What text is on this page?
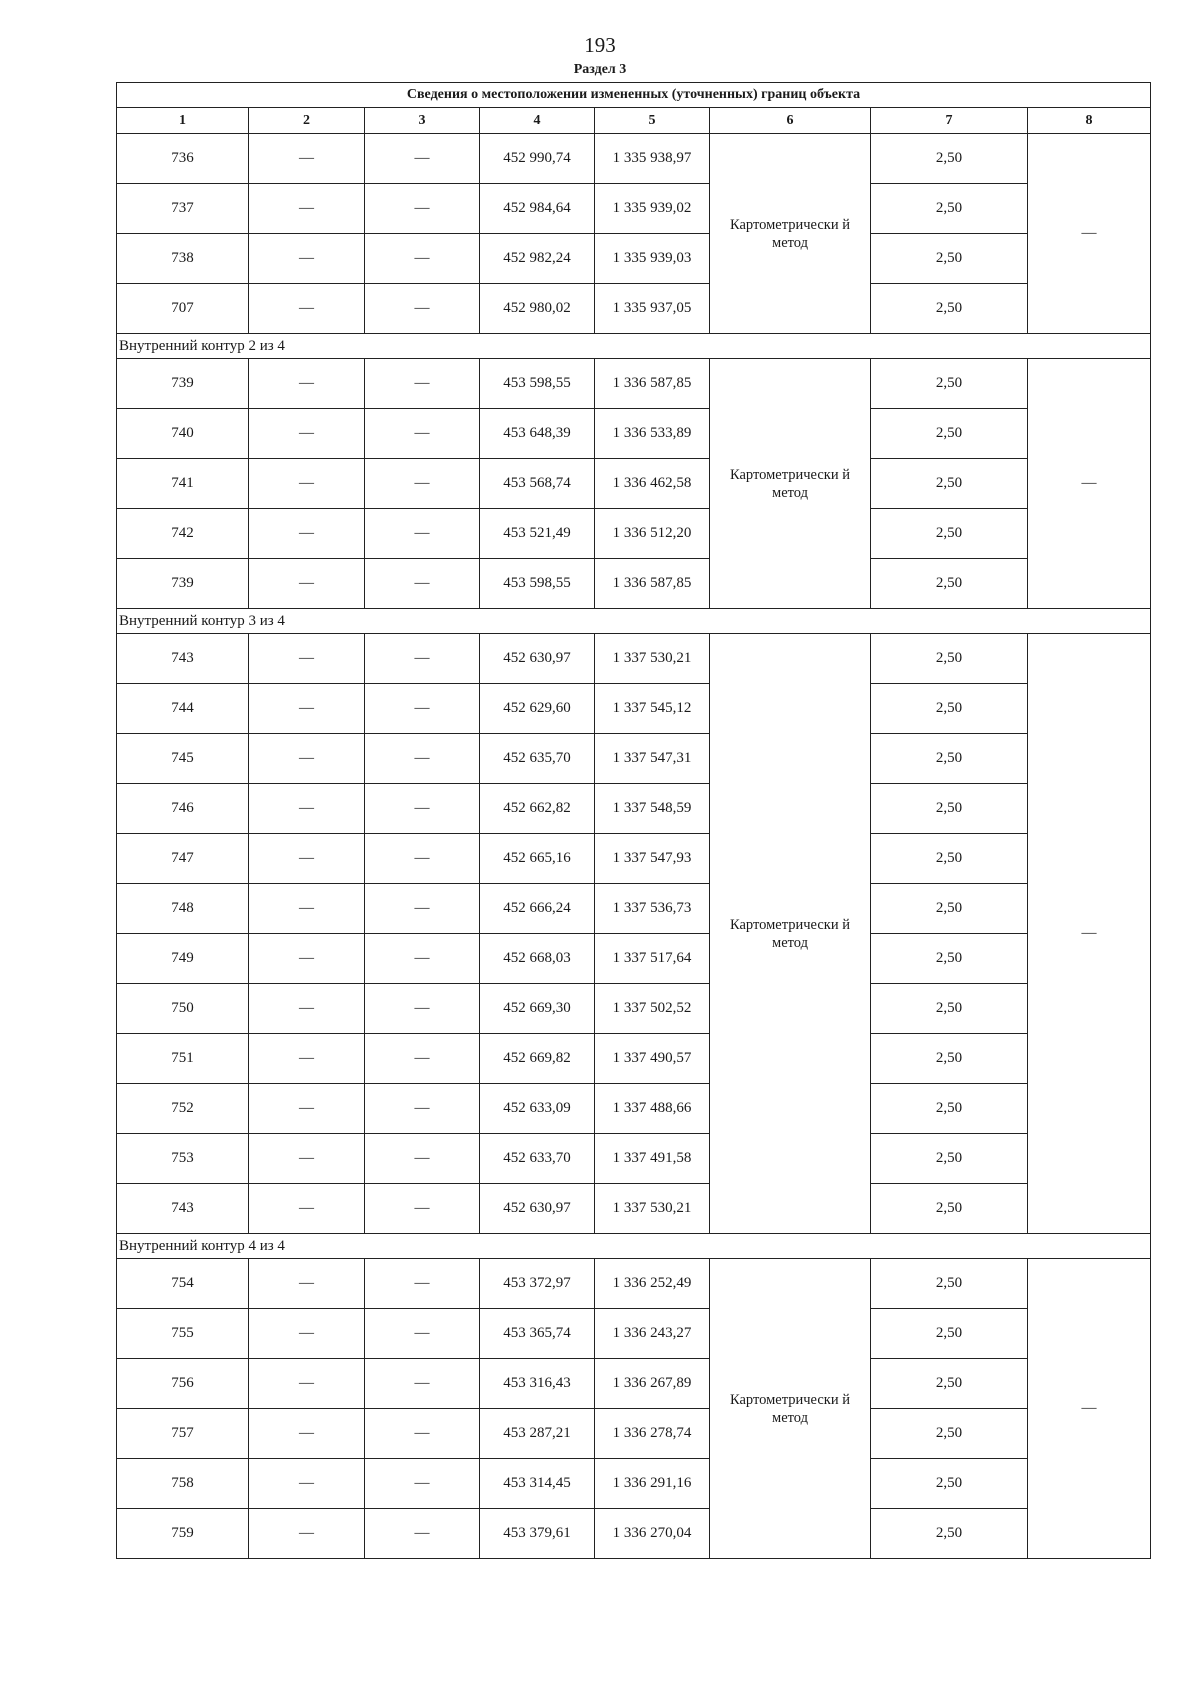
193
Раздел 3
Сведения о местоположении измененных (уточненных) границ объекта							
1	2	3	4	5	6	7	8
736	—	—	452 990,74	1 335 938,97	Картометрически й метод	2,50	—
737	—	—	452 984,64	1 335 939,02		2,50	
738	—	—	452 982,24	1 335 939,03		2,50	
707	—	—	452 980,02	1 335 937,05		2,50	
Внутренний контур 2 из 4							
739	—	—	453 598,55	1 336 587,85	Картометрически й метод	2,50	—
740	—	—	453 648,39	1 336 533,89		2,50	
741	—	—	453 568,74	1 336 462,58		2,50	
742	—	—	453 521,49	1 336 512,20		2,50	
739	—	—	453 598,55	1 336 587,85		2,50	
Внутренний контур 3 из 4							
743	—	—	452 630,97	1 337 530,21	Картометрически й метод	2,50	—
744	—	—	452 629,60	1 337 545,12		2,50	
745	—	—	452 635,70	1 337 547,31		2,50	
746	—	—	452 662,82	1 337 548,59		2,50	
747	—	—	452 665,16	1 337 547,93		2,50	
748	—	—	452 666,24	1 337 536,73		2,50	
749	—	—	452 668,03	1 337 517,64		2,50	
750	—	—	452 669,30	1 337 502,52		2,50	
751	—	—	452 669,82	1 337 490,57		2,50	
752	—	—	452 633,09	1 337 488,66		2,50	
753	—	—	452 633,70	1 337 491,58		2,50	
743	—	—	452 630,97	1 337 530,21		2,50	
Внутренний контур 4 из 4							
754	—	—	453 372,97	1 336 252,49	Картометрически й метод	2,50	—
755	—	—	453 365,74	1 336 243,27		2,50	
756	—	—	453 316,43	1 336 267,89		2,50	
757	—	—	453 287,21	1 336 278,74		2,50	
758	—	—	453 314,45	1 336 291,16		2,50	
759	—	—	453 379,61	1 336 270,04		2,50	
